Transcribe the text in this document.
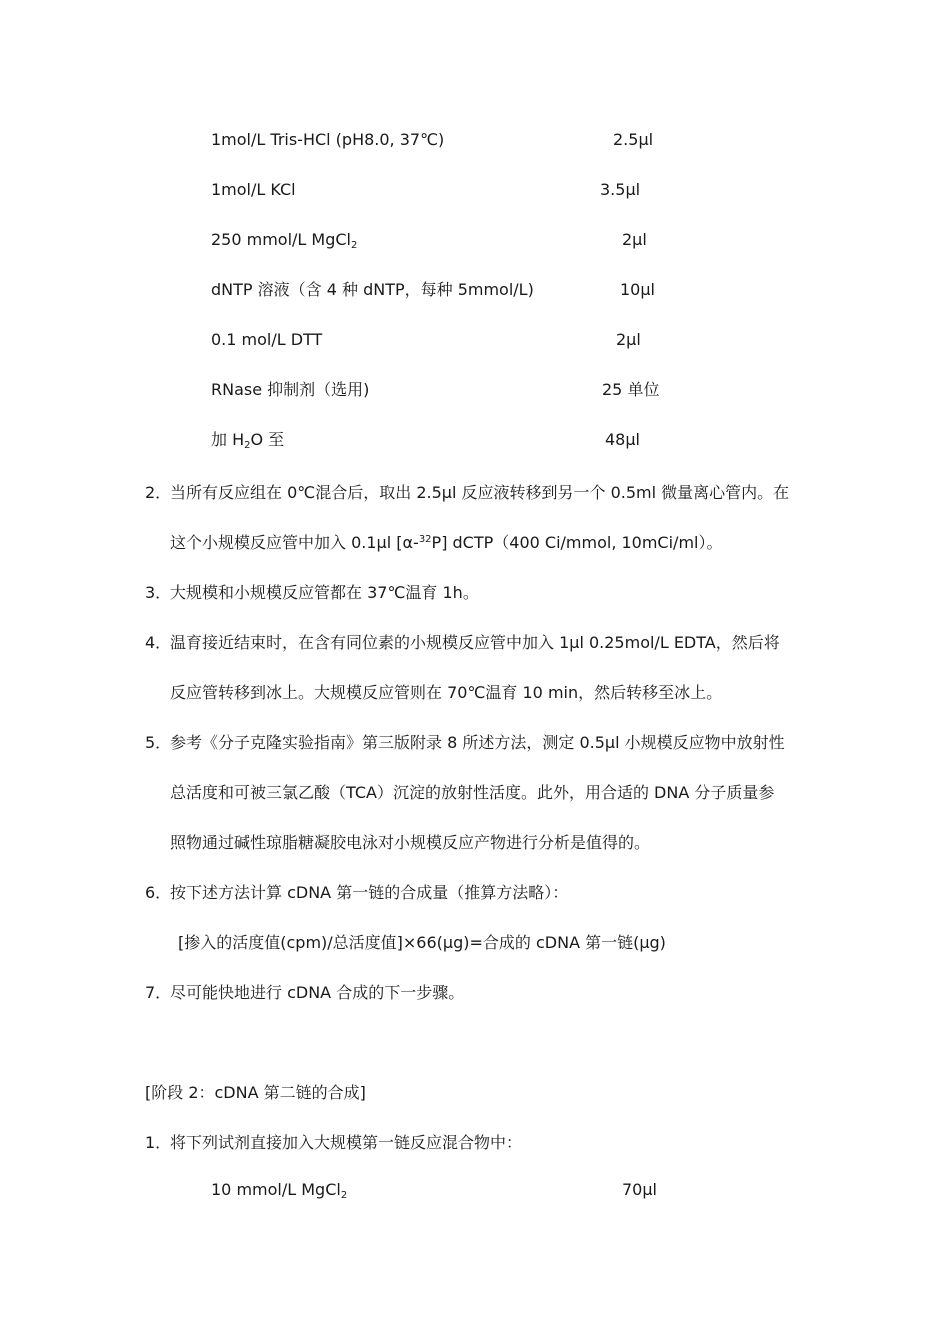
1mol/L Tris-HCl (pH8.0, 37℃)	2.5μl
1mol/L KCl	3.5μl
250 mmol/L MgCl$_2$	2μl
dNTP 溶液（含 4 种 dNTP，每种 5mmol/L)	10μl
0.1 mol/L DTT	2μl
RNase 抑制剂（选用)	25 单位
加 $H_2O$ 至	48μl
2．
当所有反应组在 0℃混合后，取出 2.5μl 反应液转移到另一个 0.5ml 微量离心管内。在
这个小规模反应管中加入 0.1μl [α-$^{32}$P] dCTP（400 Ci/mmol, 10mCi/ml）。
3．
大规模和小规模反应管都在 37℃温育 1h。
4．
温育接近结束时，在含有同位素的小规模反应管中加入 1μl 0.25mol/L EDTA，然后将
反应管转移到冰上。大规模反应管则在 70℃温育 10 min，然后转移至冰上。
5．
参考《分子克隆实验指南》第三版附录 8 所述方法，测定 0.5μl 小规模反应物中放射性
总活度和可被三氯乙酸（TCA）沉淀的放射性活度。此外，用合适的 DNA 分子质量参
照物通过碱性琼脂糖凝胶电泳对小规模反应产物进行分析是值得的。
6．
按下述方法计算 cDNA 第一链的合成量（推算方法略）：
[掺入的活度值(cpm)/总活度值]×66(μg)=合成的 cDNA 第一链(μg)
7．
尽可能快地进行 cDNA 合成的下一步骤。
[阶段 2：cDNA 第二链的合成]
1．
将下列试剂直接加入大规模第一链反应混合物中：
10 mmol/L MgCl$_2$	70μl
